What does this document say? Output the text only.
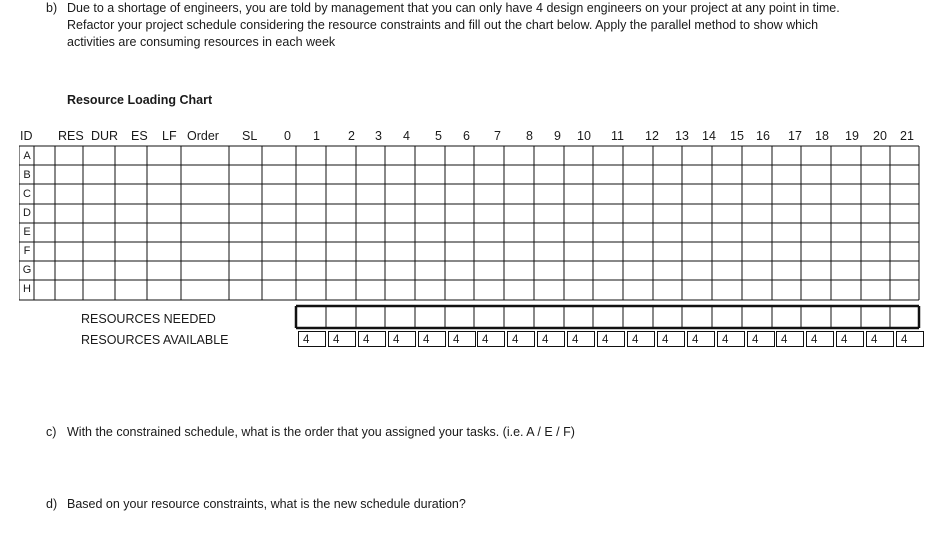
b) Due to a shortage of engineers, you are told by management that you can only have 4 design engineers on your project at any point in time.
Refactor your project schedule considering the resource constraints and fill out the chart below. Apply the parallel method to show which
activities are consuming resources in each week
Resource Loading Chart
ID RES DUR ES LF Order SL 0 1 2 3 4 5 6 7 8 9 10 11 12 13 14 15 16 17 18 19 20 21
A
B
C
D
E
F
G
H
RESOURCES NEEDED
RESOURCES AVAILABLE	4	4	4	4	4	4	4	4	4	4	4	4	4	4	4	4	4	4	4	4	4
c) With the constrained schedule, what is the order that you assigned your tasks. (i.e. A / E / F)
d) Based on your resource constraints, what is the new schedule duration?
